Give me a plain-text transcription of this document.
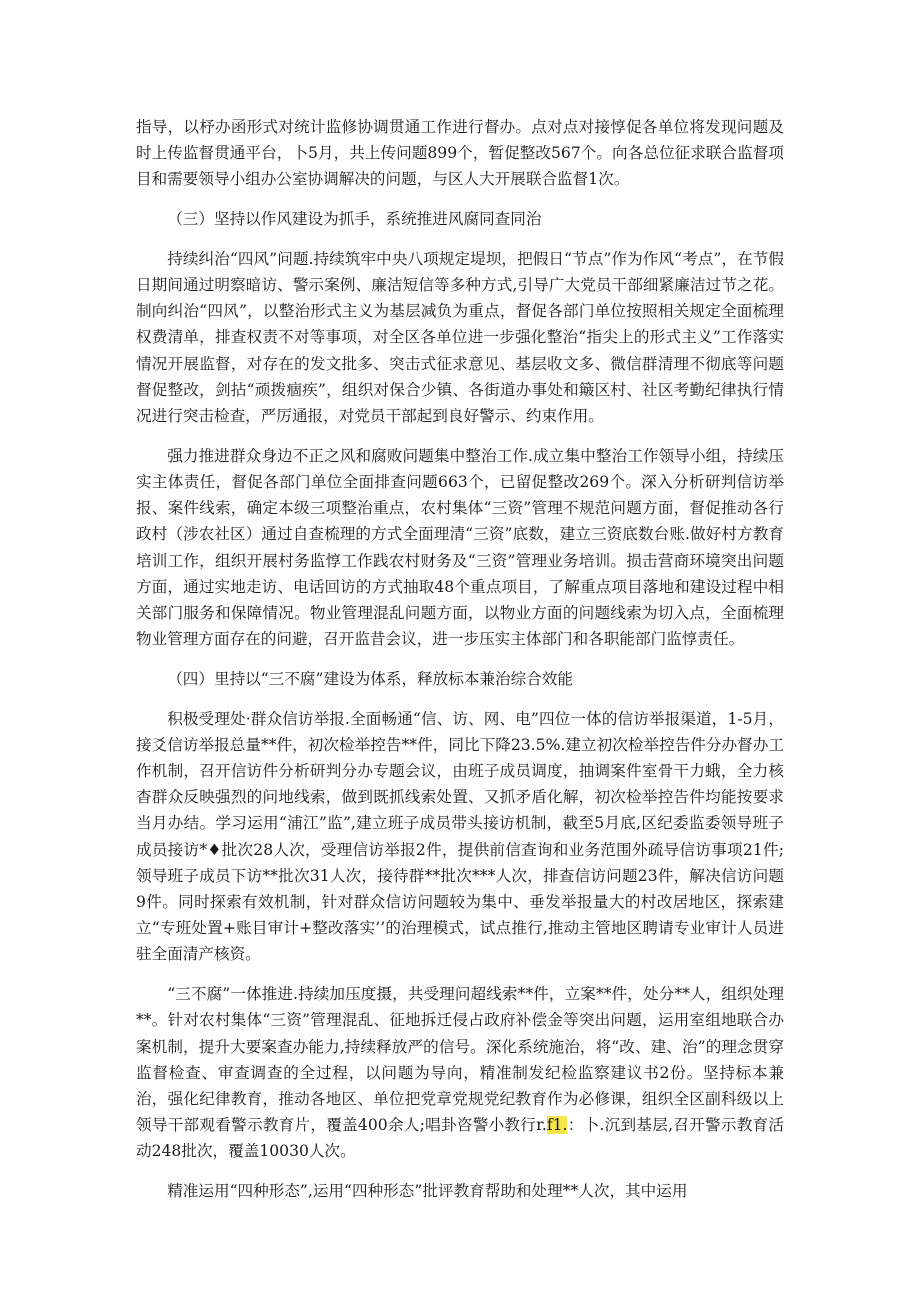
指导，以杼办函形式对统计监修协调贯通工作进行督办。点对点对接惇促各单位将发现问题及时上传监督贯通平台，卜5月，共上传问题899个，暂促整改567个。向各总位征求联合监督项目和需要领导小组办公室协调解决的问题，与区人大开展联合监督1次。

（三）坚持以作风建设为抓手，系统推进风腐同查同治

持续纠治“四风”问题.持续筑牢中央八项规定堤坝，把假日“节点”作为作风“考点”，在节假日期间通过明察暗访、警示案例、廉洁短信等多种方式,引导广大党员干部细紧廉洁过节之花。制向纠治“四风”，以整治形式主义为基层减负为重点，督促各部门单位按照相关规定全面梳理权费清单，排查权责不对等事项，对全区各单位进一步强化整治“指尖上的形式主义”工作落实情况开展监督，对存在的发文批多、突击式征求意见、基层收文多、微信群清理不彻底等问题督促整改，剑拈“顽拨痼疾”，组织对保合少镇、各街道办事处和簸区村、社区考勤纪律执行情况进行突击检查，严厉通报，对党员干部起到良好警示、约束作用。

强力推进群众身边不正之风和腐败问题集中整治工作.成立集中整治工作领导小组，持续压实主体责任，督促各部门单位全面排查问题663个，已留促整改269个。深入分析研判信访举报、案件线索，确定本级三项整治重点，农村集体“三资”管理不规范问题方面，督促推动各行政村（涉农社区）通过自查梳理的方式全面理清“三资”底数，建立三资底数台账.做好村方教育培训工作，组织开展村务监惇工作践农村财务及“三资”管理业务培训。损击营商环境突出问题方面，通过实地走访、电话回访的方式抽取48个重点项目，了解重点项目落地和建设过程中相关部门服务和保障情况。物业管理混乱问题方面，以物业方面的问题线索为切入点，全面梳理物业管理方面存在的问避，召开监昔会议，进一步压实主体部门和各职能部门监惇责任。

（四）里持以“三不腐”建设为体系，释放标本兼治综合效能

积极受理处·群众信访举报.全面畅通“信、访、网、电”四位一体的信访举报渠道，1-5月，接爻信访举报总量**件，初次检举控告**件，同比下降23.5%.建立初次检举控告件分办督办工作机制，召开信访件分析研判分办专题会议，由班子成员调度，抽调案件室骨干力蛾，全力核杳群众反映强烈的问地线索，做到既抓线索处置、又抓矛盾化解，初次检举控告件均能按要求当月办结。学习运用“浦江”监”,建立班子成员带头接访机制，截至5月底,区纪委监委领导班子成员接访*♦批次28人次，受理信访举报2件，提供前信查询和业务范围外疏导信访事项21件;领导班子成员下访**批次31人次，接待群**批次***人次，排查信访问题23件，解决信访问题9件。同时探索有效机制，针对群众信访问题较为集中、垂发举报量大的村改居地区，探索建立“专班处置+账目审计+整改落实’’的治理模式，试点推行,推动主管地区聘请专业审计人员进驻全面清产核资。

“三不腐”一体推进.持续加压度摄，共受理问超线索**件，立案**件，处分**人，组织处理**。针对农村集体“三资”管理混乱、征地拆迁侵占政府补偿金等突出问题，运用室组地联合办案机制，提升大要案查办能力,持续释放严的信号。深化系统施治，将“改、建、治”的理念贯穿监督检查、审查调查的全过程，以问题为导向，精准制发纪检监察建议书2份。坚持标本兼治，强化纪律教育，推动各地区、单位把党章党规党纪教育作为必修课，组织全区副科级以上领导干部观看警示教育片，覆盖400余人;唱卦咨警小教行r.f1.：卜.沉到基层,召开警示教育活动248批次，覆盖10030人次。

精准运用“四种形态”,运用“四种形态”批评教育帮助和处理**人次，其中运用
